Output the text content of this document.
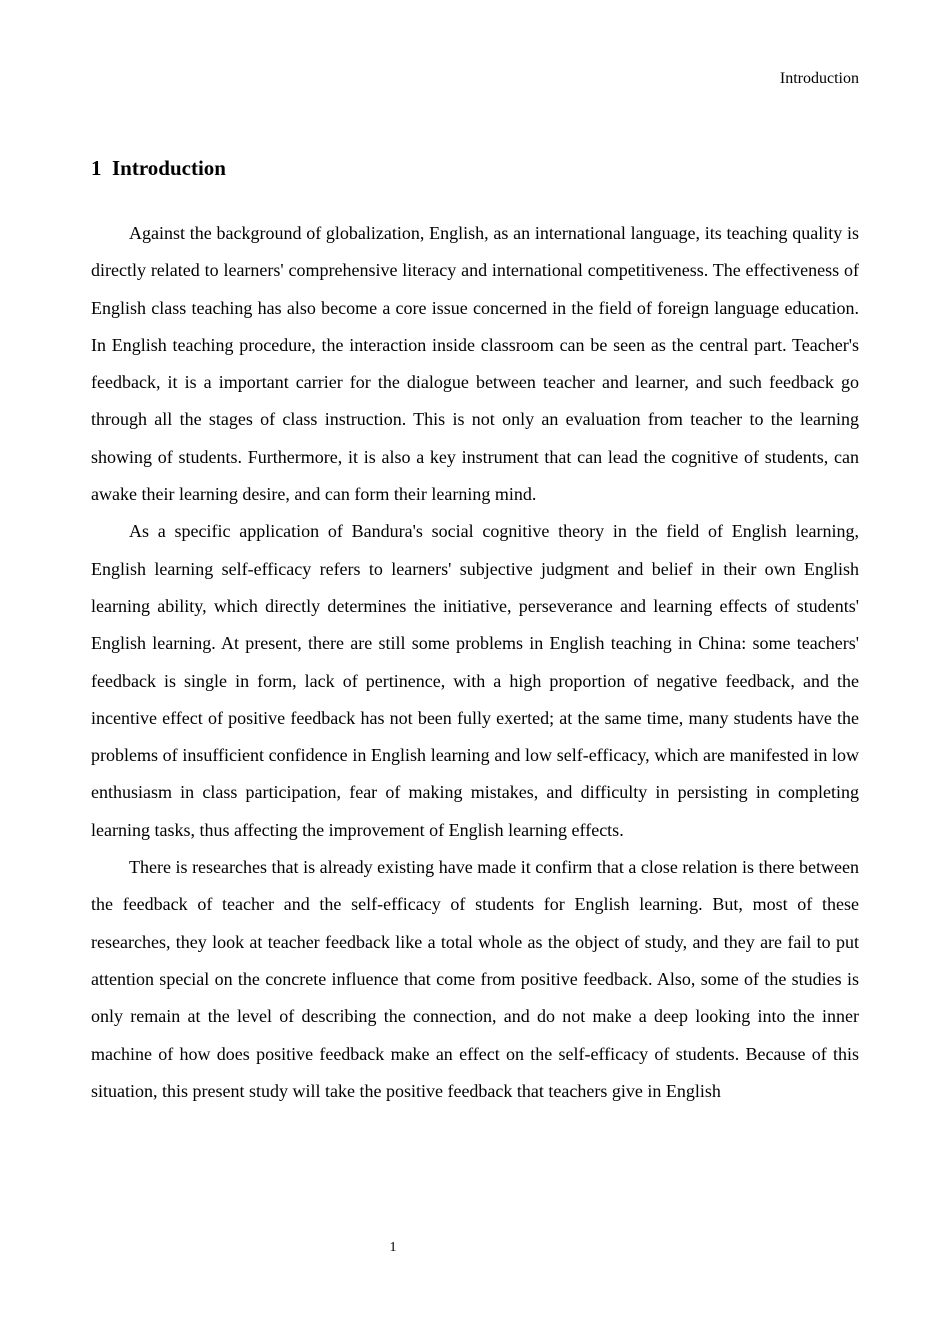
Introduction
1  Introduction

Against the background of globalization, English, as an international language, its teaching quality is directly related to learners' comprehensive literacy and international competitiveness. The effectiveness of English class teaching has also become a core issue concerned in the field of foreign language education. In English teaching procedure, the interaction inside classroom can be seen as the central part. Teacher's feedback, it is a important carrier for the dialogue between teacher and learner, and such feedback go through all the stages of class instruction. This is not only an evaluation from teacher to the learning showing of students. Furthermore, it is also a key instrument that can lead the cognitive of students, can awake their learning desire, and can form their learning mind.

As a specific application of Bandura's social cognitive theory in the field of English learning, English learning self-efficacy refers to learners' subjective judgment and belief in their own English learning ability, which directly determines the initiative, perseverance and learning effects of students' English learning. At present, there are still some problems in English teaching in China: some teachers' feedback is single in form, lack of pertinence, with a high proportion of negative feedback, and the incentive effect of positive feedback has not been fully exerted; at the same time, many students have the problems of insufficient confidence in English learning and low self-efficacy, which are manifested in low enthusiasm in class participation, fear of making mistakes, and difficulty in persisting in completing learning tasks, thus affecting the improvement of English learning effects.

There is researches that is already existing have made it confirm that a close relation is there between the feedback of teacher and the self-efficacy of students for English learning. But, most of these researches, they look at teacher feedback like a total whole as the object of study, and they are fail to put attention special on the concrete influence that come from positive feedback. Also, some of the studies is only remain at the level of describing the connection, and do not make a deep looking into the inner machine of how does positive feedback make an effect on the self-efficacy of students. Because of this situation, this present study will take the positive feedback that teachers give in English

1
